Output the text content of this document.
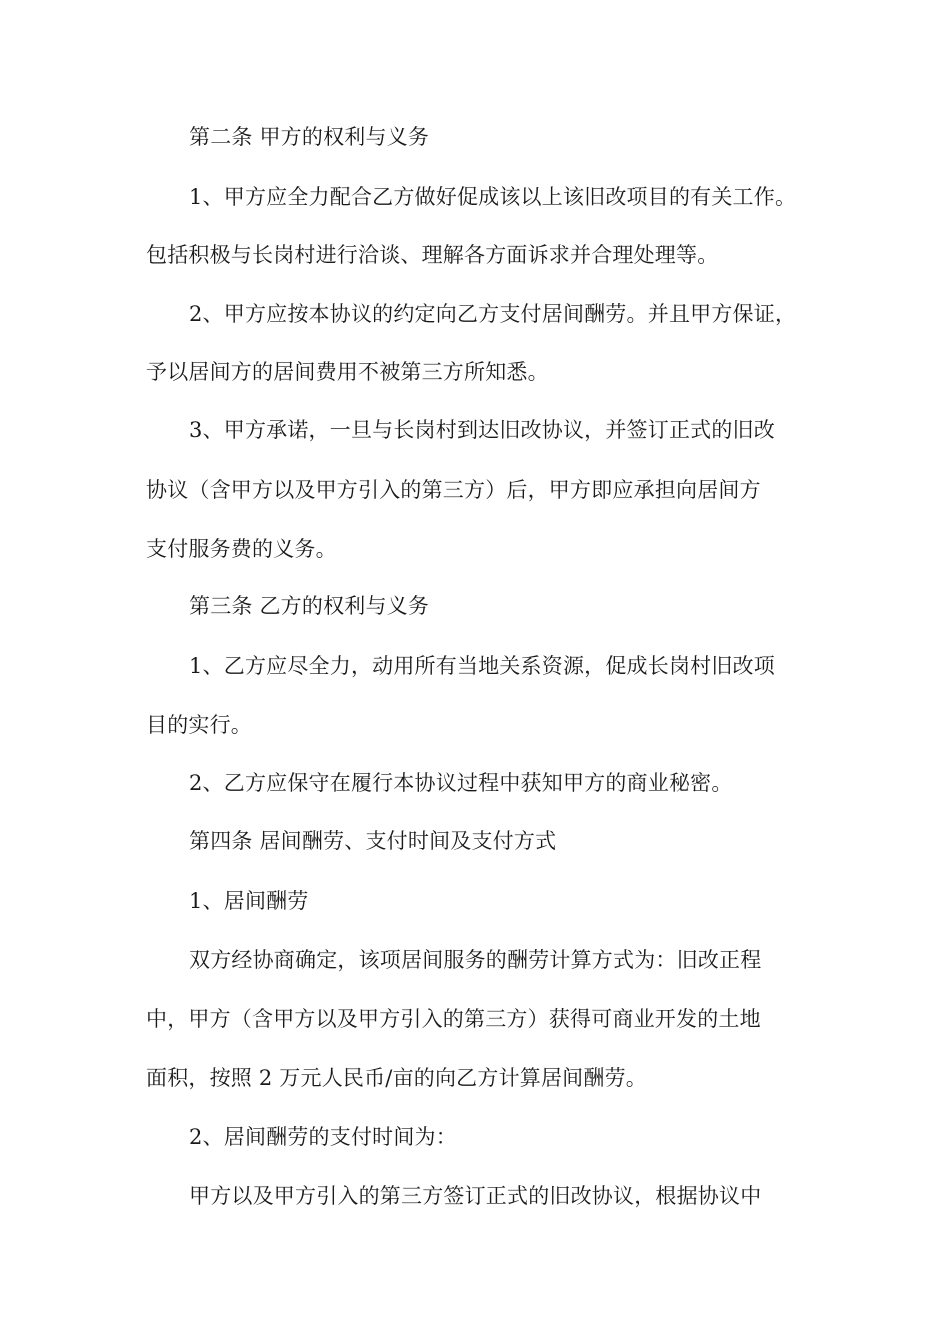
第二条 甲方的权利与义务

1、甲方应全力配合乙方做好促成该以上该旧改项目的有关工作。

包括积极与长岗村进行洽谈、理解各方面诉求并合理处理等。

2、甲方应按本协议的约定向乙方支付居间酬劳。并且甲方保证，

予以居间方的居间费用不被第三方所知悉。

3、甲方承诺，一旦与长岗村到达旧改协议，并签订正式的旧改

协议（含甲方以及甲方引入的第三方）后，甲方即应承担向居间方

支付服务费的义务。

第三条 乙方的权利与义务

1、乙方应尽全力，动用所有当地关系资源，促成长岗村旧改项

目的实行。

2、乙方应保守在履行本协议过程中获知甲方的商业秘密。

第四条 居间酬劳、支付时间及支付方式

1、居间酬劳

双方经协商确定，该项居间服务的酬劳计算方式为：旧改正程

中，甲方（含甲方以及甲方引入的第三方）获得可商业开发的土地

面积，按照 2 万元人民币/亩的向乙方计算居间酬劳。

2、居间酬劳的支付时间为：

甲方以及甲方引入的第三方签订正式的旧改协议，根据协议中
